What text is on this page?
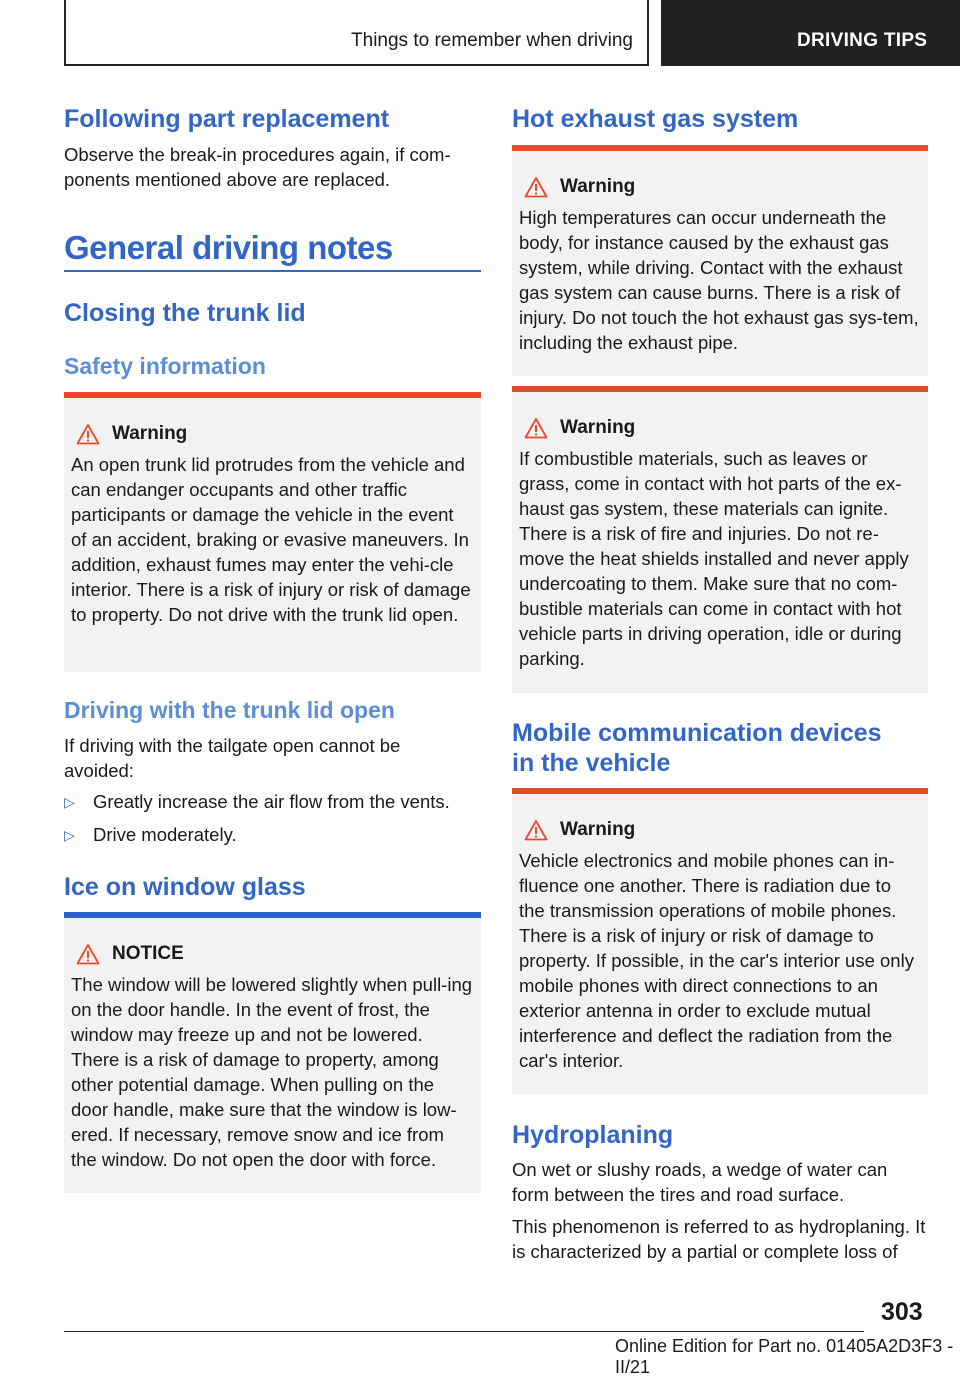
Things to remember when driving	DRIVING TIPS
Following part replacement
Observe the break-in procedures again, if com-ponents mentioned above are replaced.
General driving notes
Closing the trunk lid
Safety information
Warning
An open trunk lid protrudes from the vehicle and can endanger occupants and other traffic participants or damage the vehicle in the event of an accident, braking or evasive maneuvers. In addition, exhaust fumes may enter the vehi-cle interior. There is a risk of injury or risk of damage to property. Do not drive with the trunk lid open.
Driving with the trunk lid open
If driving with the tailgate open cannot be avoided:
▷ Greatly increase the air flow from the vents.
▷ Drive moderately.
Ice on window glass
NOTICE
The window will be lowered slightly when pull-ing on the door handle. In the event of frost, the window may freeze up and not be lowered. There is a risk of damage to property, among other potential damage. When pulling on the door handle, make sure that the window is low-ered. If necessary, remove snow and ice from the window. Do not open the door with force.
Hot exhaust gas system
Warning
High temperatures can occur underneath the body, for instance caused by the exhaust gas system, while driving. Contact with the exhaust gas system can cause burns. There is a risk of injury. Do not touch the hot exhaust gas sys-tem, including the exhaust pipe.
Warning
If combustible materials, such as leaves or grass, come in contact with hot parts of the ex-haust gas system, these materials can ignite. There is a risk of fire and injuries. Do not re-move the heat shields installed and never apply undercoating to them. Make sure that no com-bustible materials can come in contact with hot vehicle parts in driving operation, idle or during parking.
Mobile communication devices
in the vehicle
Warning
Vehicle electronics and mobile phones can in-fluence one another. There is radiation due to the transmission operations of mobile phones. There is a risk of injury or risk of damage to property. If possible, in the car's interior use only mobile phones with direct connections to an exterior antenna in order to exclude mutual interference and deflect the radiation from the car's interior.
Hydroplaning
On wet or slushy roads, a wedge of water can form between the tires and road surface.
This phenomenon is referred to as hydroplaning. It is characterized by a partial or complete loss of
303
Online Edition for Part no. 01405A2D3F3 - II/21
